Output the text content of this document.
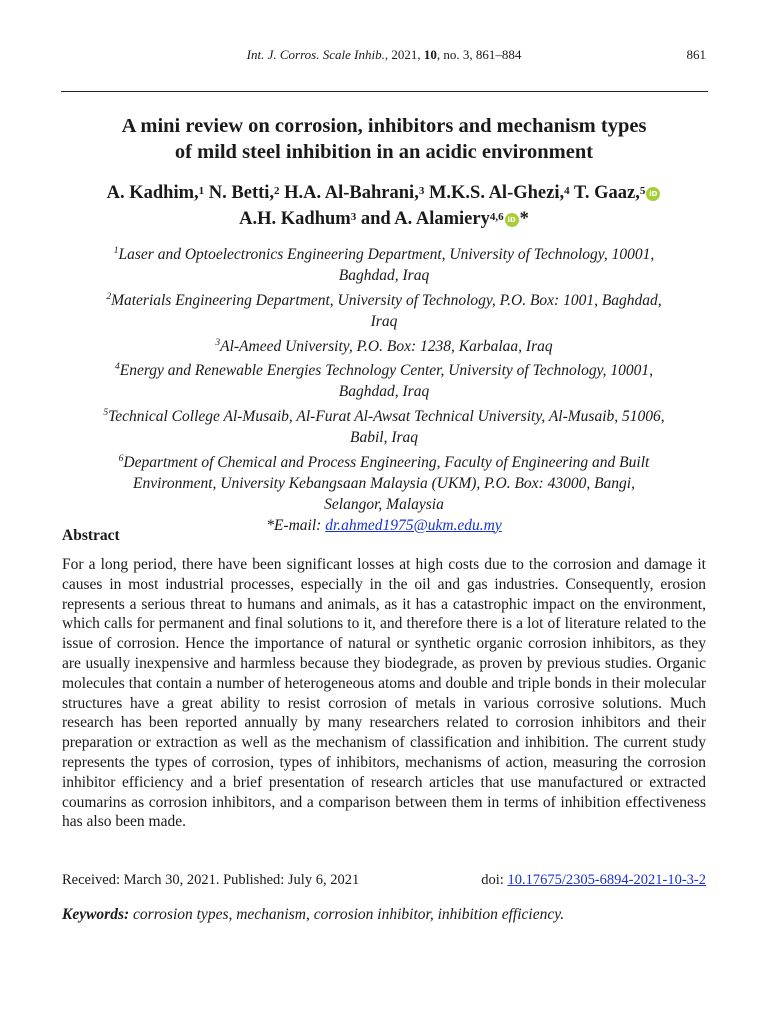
Int. J. Corros. Scale Inhib., 2021, 10, no. 3, 861–884	861
A mini review on corrosion, inhibitors and mechanism types
of mild steel inhibition in an acidic environment
A. Kadhim,$^1$ N. Betti,$^2$ H.A. Al-Bahrani,$^3$ M.K.S. Al-Ghezi,$^4$ T. Gaaz,$^5$ iD
A.H. Kadhum$^3$ and A. Alamiery$^{4,6}$ iD *
$^1$Laser and Optoelectronics Engineering Department, University of Technology, 10001,
Baghdad, Iraq
$^2$Materials Engineering Department, University of Technology, P.O. Box: 1001, Baghdad,
Iraq
$^3$Al-Ameed University, P.O. Box: 1238, Karbalaa, Iraq
$^4$Energy and Renewable Energies Technology Center, University of Technology, 10001,
Baghdad, Iraq
$^5$Technical College Al-Musaib, Al-Furat Al-Awsat Technical University, Al-Musaib, 51006,
Babil, Iraq
$^6$Department of Chemical and Process Engineering, Faculty of Engineering and Built
Environment, University Kebangsaan Malaysia (UKM), P.O. Box: 43000, Bangi,
Selangor, Malaysia
*E-mail: dr.ahmed1975@ukm.edu.my
Abstract
For a long period, there have been significant losses at high costs due to the corrosion and damage it causes in most industrial processes, especially in the oil and gas industries. Consequently, erosion represents a serious threat to humans and animals, as it has a catastrophic impact on the environment, which calls for permanent and final solutions to it, and therefore there is a lot of literature related to the issue of corrosion. Hence the importance of natural or synthetic organic corrosion inhibitors, as they are usually inexpensive and harmless because they biodegrade, as proven by previous studies. Organic molecules that contain a number of heterogeneous atoms and double and triple bonds in their molecular structures have a great ability to resist corrosion of metals in various corrosive solutions. Much research has been reported annually by many researchers related to corrosion inhibitors and their preparation or extraction as well as the mechanism of classification and inhibition. The current study represents the types of corrosion, types of inhibitors, mechanisms of action, measuring the corrosion inhibitor efficiency and a brief presentation of research articles that use manufactured or extracted coumarins as corrosion inhibitors, and a comparison between them in terms of inhibition effectiveness has also been made.
Received: March 30, 2021. Published: July 6, 2021	doi: 10.17675/2305-6894-2021-10-3-2
Keywords: corrosion types, mechanism, corrosion inhibitor, inhibition efficiency.
